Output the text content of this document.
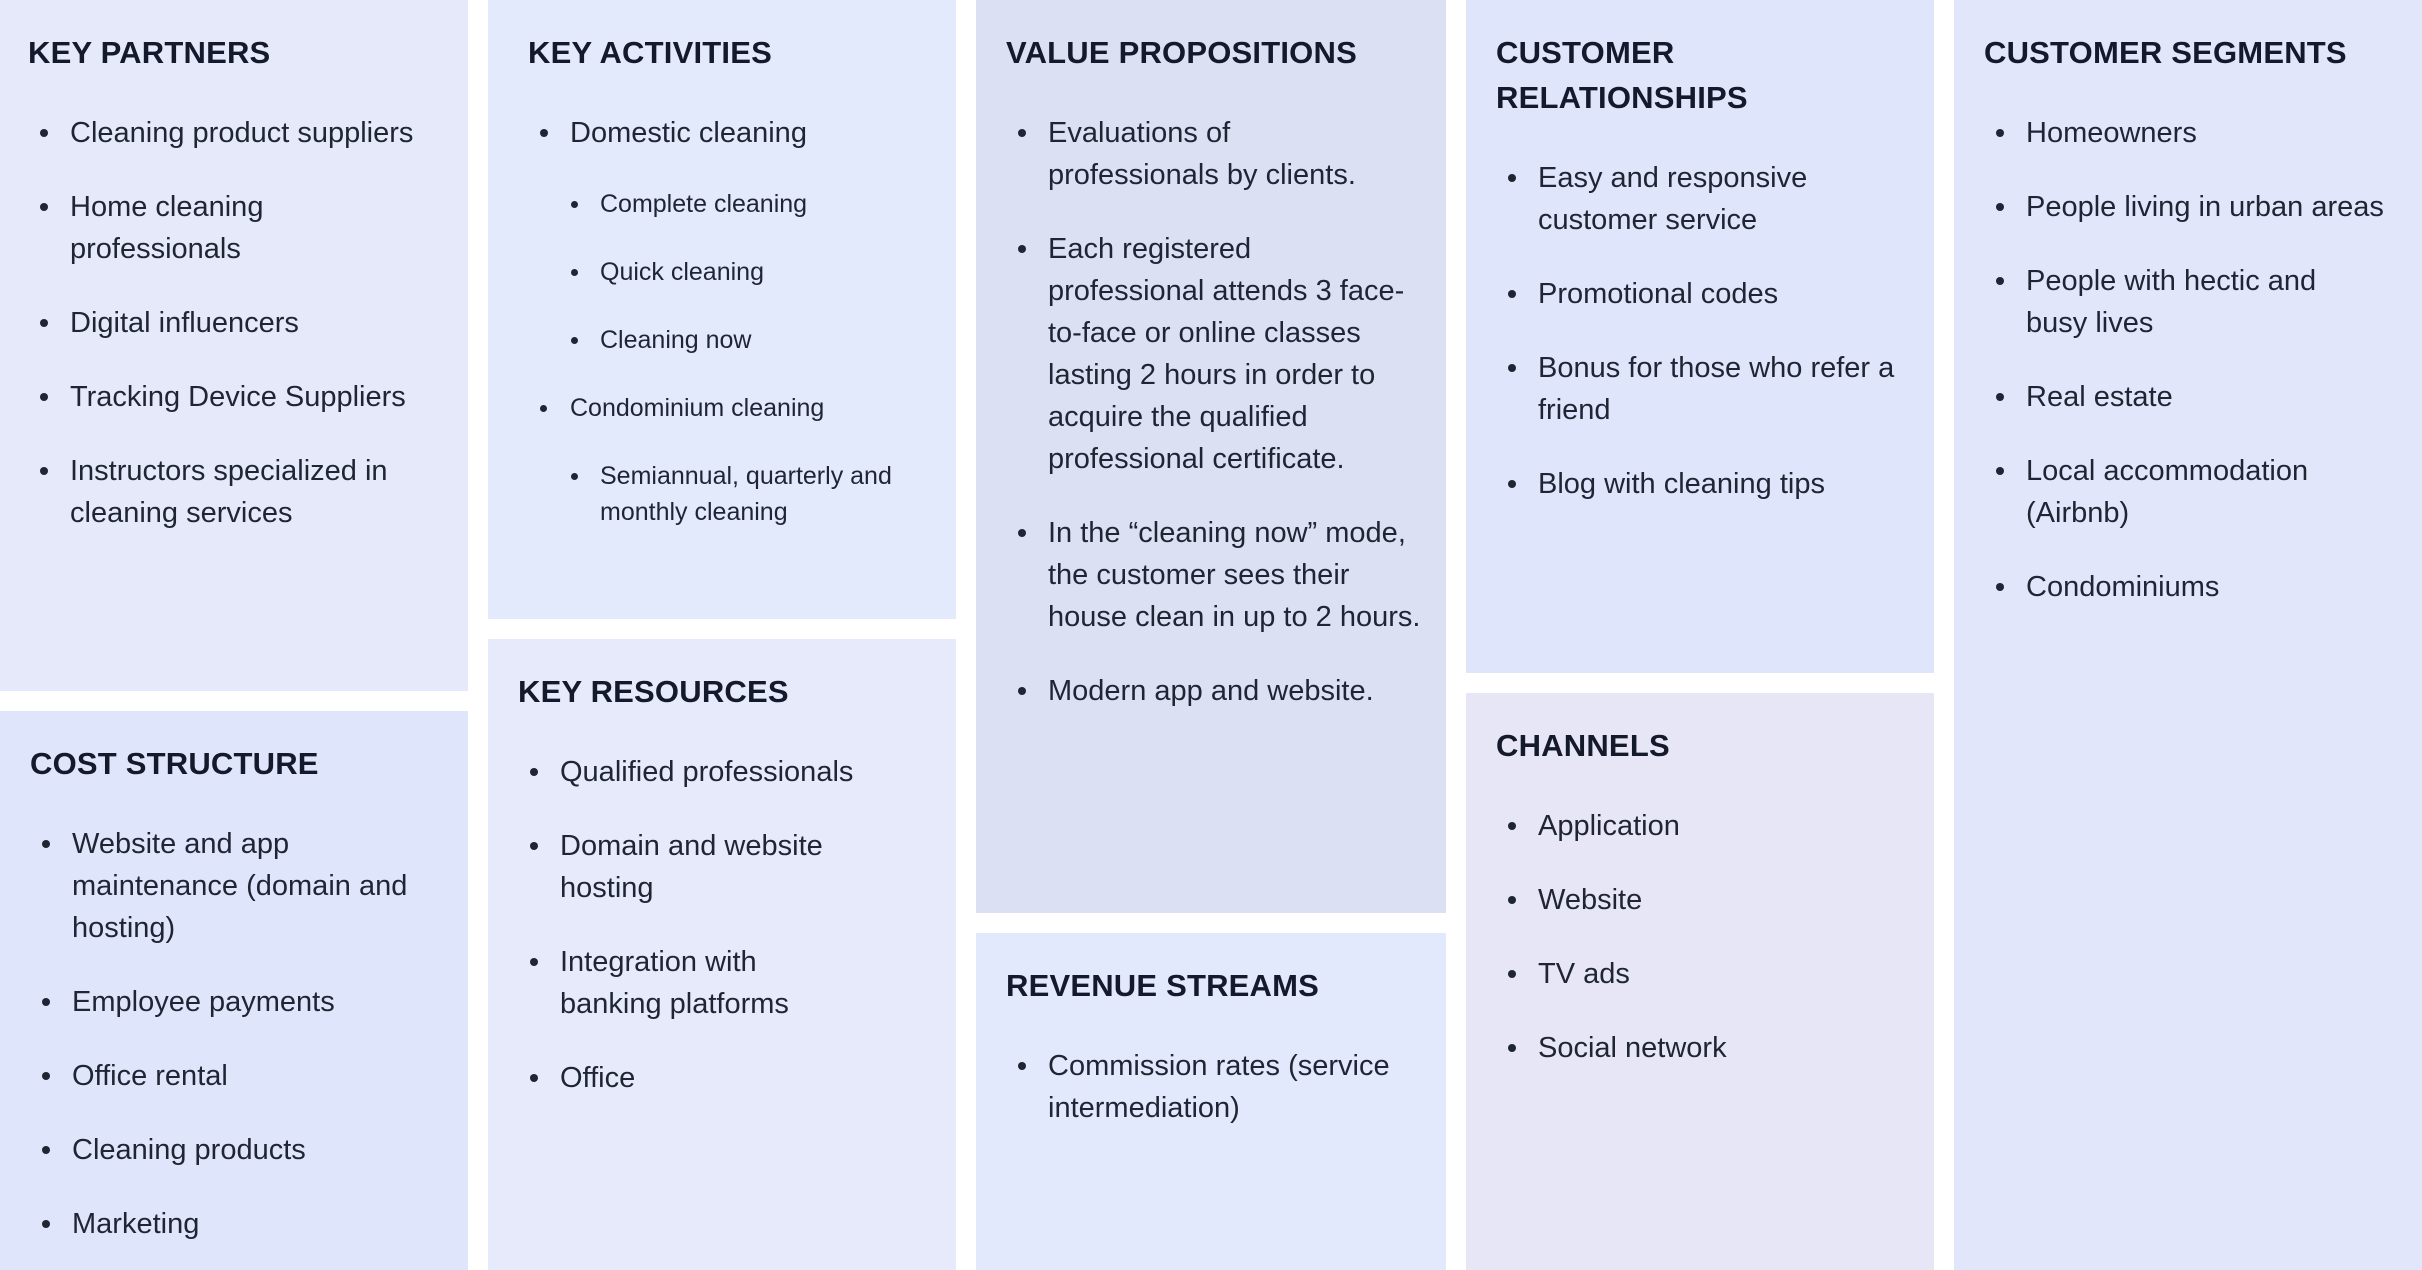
KEY PARTNERS
Cleaning product suppliers
Home cleaning professionals
Digital influencers
Tracking Device Suppliers
Instructors specialized in cleaning services
KEY ACTIVITIES
Domestic cleaning
Complete cleaning
Quick cleaning
Cleaning now
Condominium cleaning
Semiannual, quarterly and monthly cleaning
VALUE PROPOSITIONS
Evaluations of professionals by clients.
Each registered professional attends 3 face-to-face or online classes lasting 2 hours in order to acquire the qualified professional certificate.
In the “cleaning now” mode, the customer sees their house clean in up to 2 hours.
Modern app and website.
CUSTOMER
RELATIONSHIPS
Easy and responsive customer service
Promotional codes
Bonus for those who refer a friend
Blog with cleaning tips
CUSTOMER SEGMENTS
Homeowners
People living in urban areas
People with hectic and busy lives
Real estate
Local accommodation (Airbnb)
Condominiums
COST STRUCTURE
Website and app maintenance (domain and hosting)
Employee payments
Office rental
Cleaning products
Marketing
KEY RESOURCES
Qualified professionals
Domain and website hosting
Integration with banking platforms
Office
REVENUE STREAMS
Commission rates (service intermediation)
CHANNELS
Application
Website
TV ads
Social network
